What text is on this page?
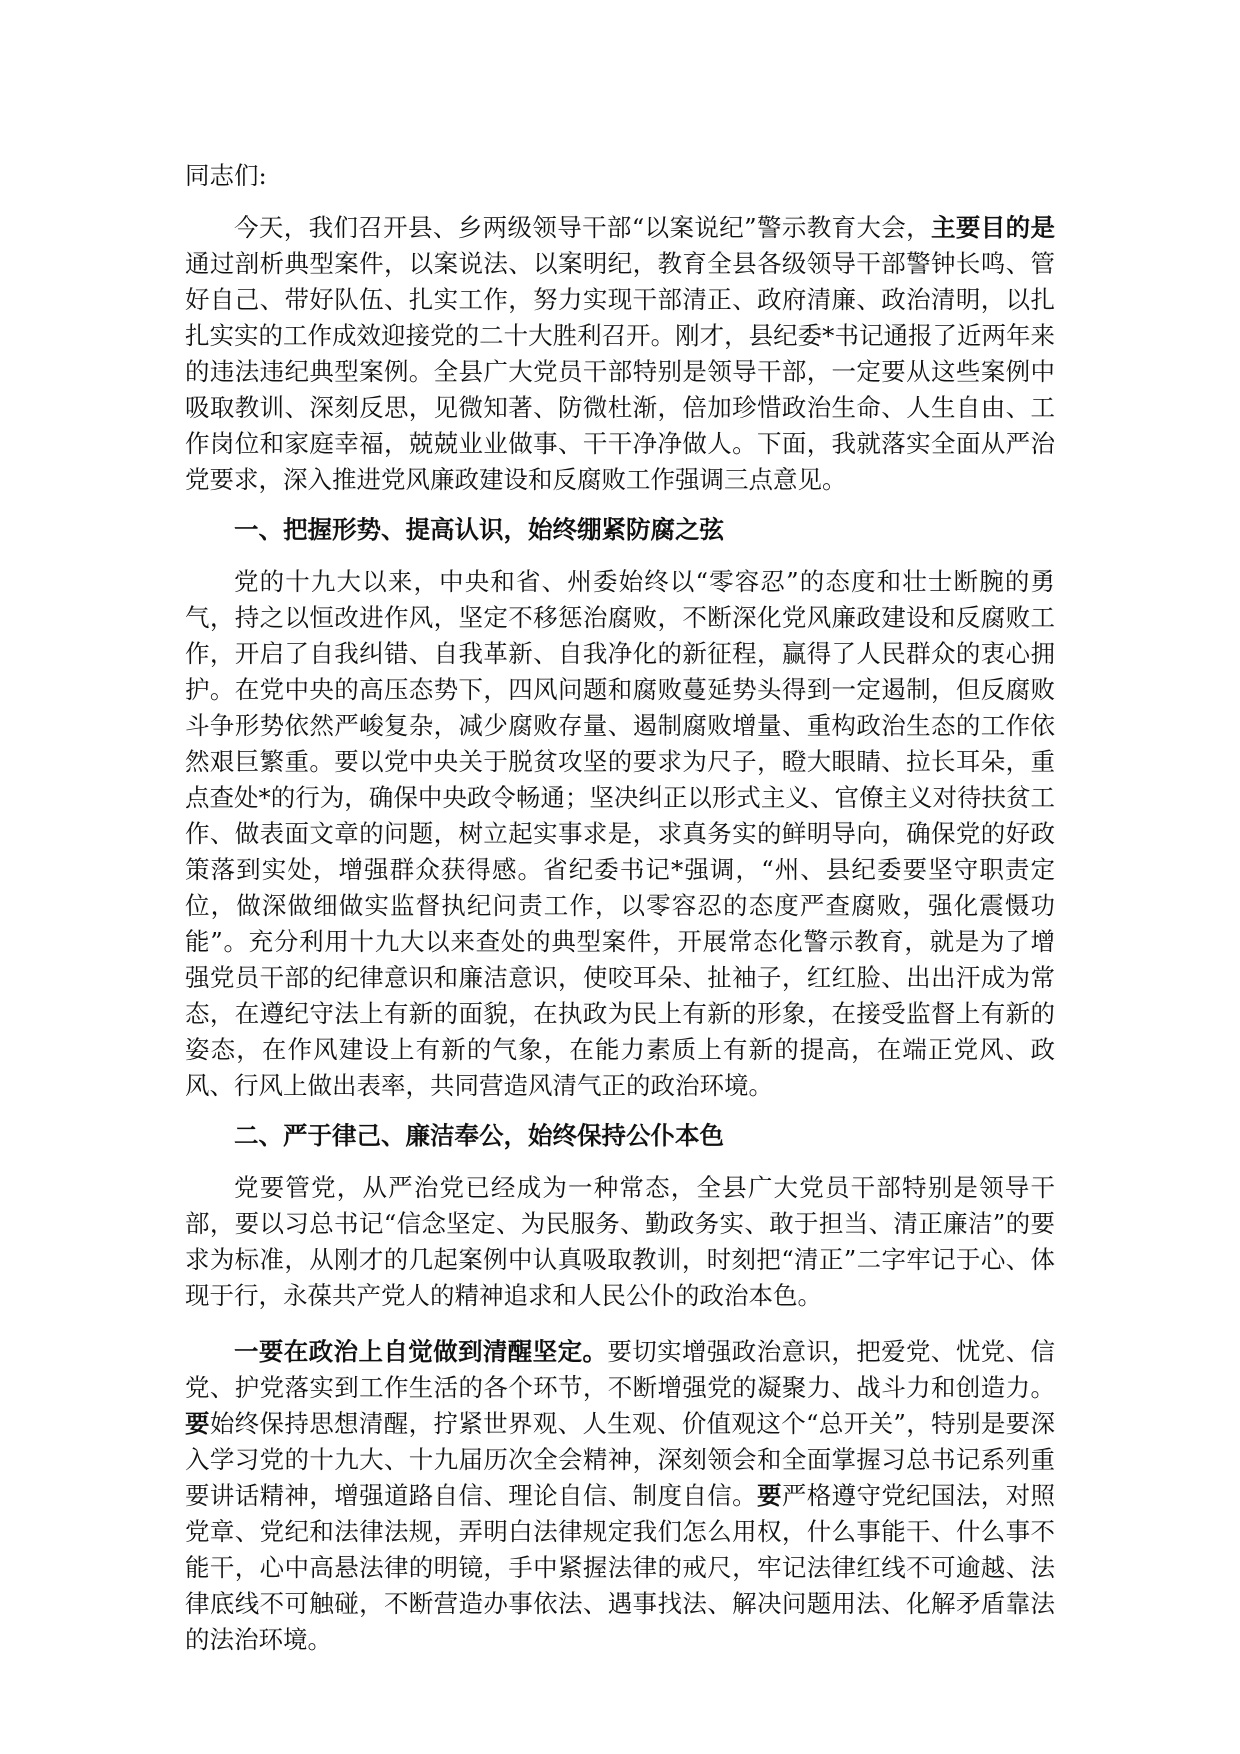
同志们:

今天，我们召开县、乡两级领导干部“以案说纪”警示教育大会，主要目的是通过剖析典型案件，以案说法、以案明纪，教育全县各级领导干部警钟长鸣、管好自己、带好队伍、扎实工作，努力实现干部清正、政府清廉、政治清明，以扎扎实实的工作成效迎接党的二十大胜利召开。刚才，县纪委*书记通报了近两年来的违法违纪典型案例。全县广大党员干部特别是领导干部，一定要从这些案例中吸取教训、深刻反思，见微知著、防微杜渐，倍加珍惜政治生命、人生自由、工作岗位和家庭幸福，兢兢业业做事、干干净净做人。下面，我就落实全面从严治党要求，深入推进党风廉政建设和反腐败工作强调三点意见。

一、把握形势、提高认识，始终绷紧防腐之弦

党的十九大以来，中央和省、州委始终以“零容忍”的态度和壮士断腕的勇气，持之以恒改进作风，坚定不移惩治腐败，不断深化党风廉政建设和反腐败工作，开启了自我纠错、自我革新、自我净化的新征程，赢得了人民群众的衷心拥护。在党中央的高压态势下，四风问题和腐败蔓延势头得到一定遏制，但反腐败斗争形势依然严峻复杂，减少腐败存量、遏制腐败增量、重构政治生态的工作依然艰巨繁重。要以党中央关于脱贫攻坚的要求为尺子，瞪大眼睛、拉长耳朵，重点查处*的行为，确保中央政令畅通；坚决纠正以形式主义、官僚主义对待扶贫工作、做表面文章的问题，树立起实事求是，求真务实的鲜明导向，确保党的好政策落到实处，增强群众获得感。省纪委书记*强调，“州、县纪委要坚守职责定位，做深做细做实监督执纪问责工作，以零容忍的态度严查腐败，强化震慑功能”。充分利用十九大以来查处的典型案件，开展常态化警示教育，就是为了增强党员干部的纪律意识和廉洁意识，使咬耳朵、扯袖子，红红脸、出出汗成为常态，在遵纪守法上有新的面貌，在执政为民上有新的形象，在接受监督上有新的姿态，在作风建设上有新的气象，在能力素质上有新的提高，在端正党风、政风、行风上做出表率，共同营造风清气正的政治环境。

二、严于律己、廉洁奉公，始终保持公仆本色

党要管党，从严治党已经成为一种常态，全县广大党员干部特别是领导干部，要以习总书记“信念坚定、为民服务、勤政务实、敢于担当、清正廉洁”的要求为标准，从刚才的几起案例中认真吸取教训，时刻把“清正”二字牢记于心、体现于行，永葆共产党人的精神追求和人民公仆的政治本色。

一要在政治上自觉做到清醒坚定。要切实增强政治意识，把爱党、忧党、信党、护党落实到工作生活的各个环节，不断增强党的凝聚力、战斗力和创造力。要始终保持思想清醒，拧紧世界观、人生观、价值观这个“总开关”，特别是要深入学习党的十九大、十九届历次全会精神，深刻领会和全面掌握习总书记系列重要讲话精神，增强道路自信、理论自信、制度自信。要严格遵守党纪国法，对照党章、党纪和法律法规，弄明白法律规定我们怎么用权，什么事能干、什么事不能干，心中高悬法律的明镜，手中紧握法律的戒尺，牢记法律红线不可逾越、法律底线不可触碰，不断营造办事依法、遇事找法、解决问题用法、化解矛盾靠法的法治环境。
